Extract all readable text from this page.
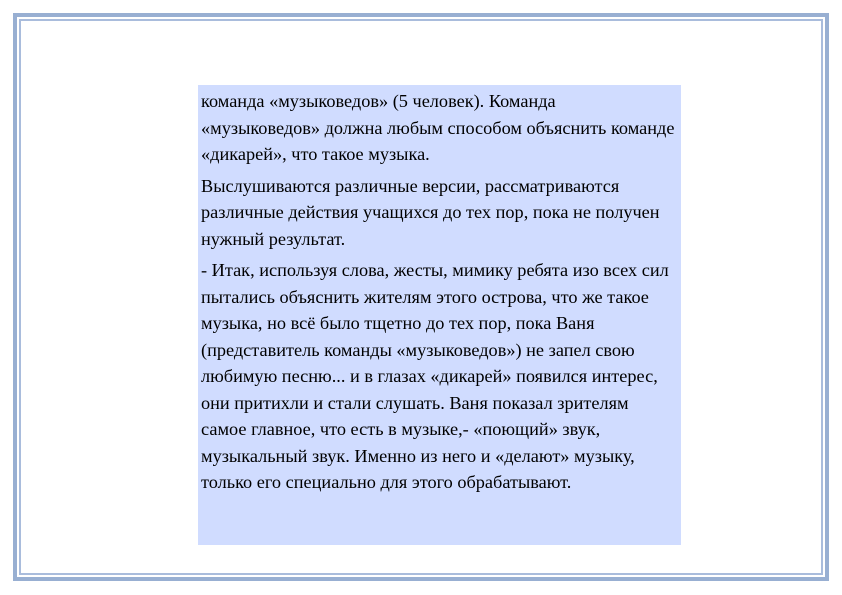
команда «музыковедов» (5 человек). Команда «музыковедов» должна любым способом объяснить команде «дикарей», что такое музыка.

Выслушиваются различные версии, рассматриваются различные действия учащихся до тех пор, пока не получен нужный результат.

- Итак, используя слова, жесты, мимику ребята изо всех сил пытались объяснить жителям этого острова, что же такое музыка, но всё было тщетно до тех пор, пока Ваня (представитель команды «музыковедов») не запел свою любимую песню... и в глазах «дикарей» появился интерес, они притихли и стали слушать. Ваня показал зрителям самое главное, что есть в музыке,- «поющий» звук, музыкальный звук. Именно из него и «делают» музыку, только его специально для этого обрабатывают.
